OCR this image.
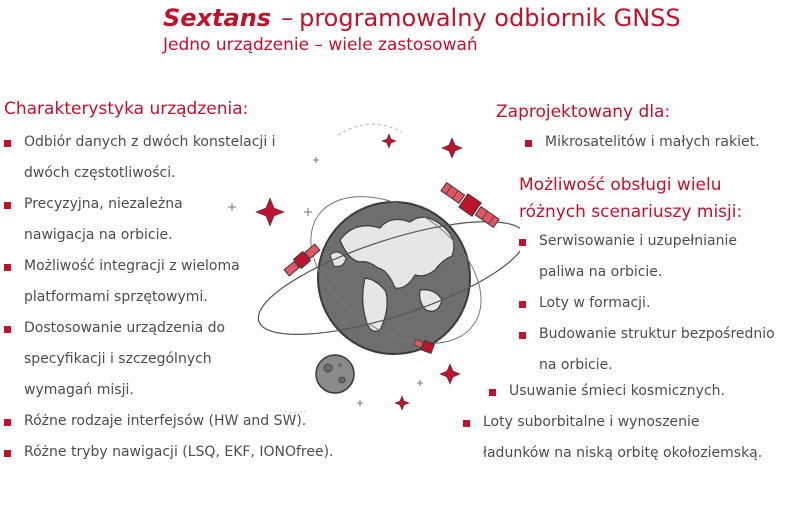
Sextans – programowalny odbiornik GNSS
Jedno urządzenie – wiele zastosowań
Charakterystyka urządzenia:
Odbiór danych z dwóch konstelacji i
dwóch częstotliwości.
Precyzyjna, niezależna
nawigacja na orbicie.
Możliwość integracji z wieloma
platformami sprzętowymi.
Dostosowanie urządzenia do
specyfikacji i szczególnych
wymagań misji.
Różne rodzaje interfejsów (HW and SW).
Różne tryby nawigacji (LSQ, EKF, IONOfree).
Zaprojektowany dla:
Mikrosatelitów i małych rakiet.
Możliwość obsługi wielu
różnych scenariuszy misji:
Serwisowanie i uzupełnianie
paliwa na orbicie.
Loty w formacji.
Budowanie struktur bezpośrednio
na orbicie.
Usuwanie śmieci kosmicznych.
Loty suborbitalne i wynoszenie
ładunków na niską orbitę okołoziemską.
